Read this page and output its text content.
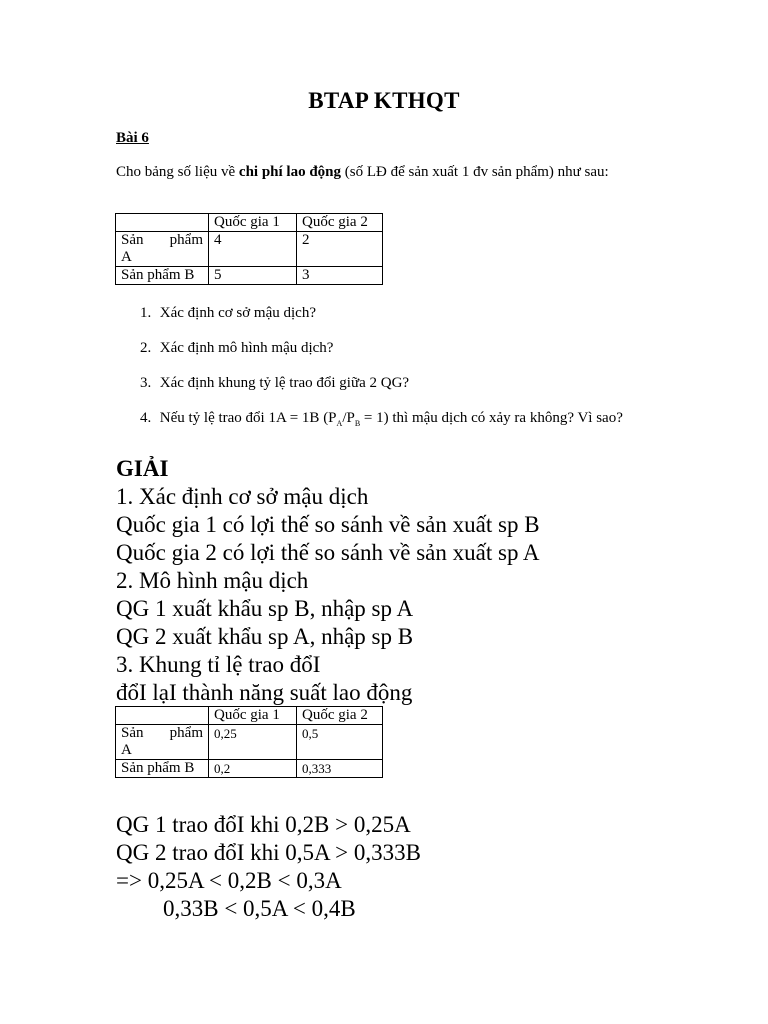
BTAP KTHQT
Bài 6
Cho bảng số liệu về chi phí lao động (số LĐ để sản xuất 1 đv sản phẩm) như sau:
	Quốc gia 1	Quốc gia 2

Sản phẩm
A	4	2
Sản phẩm B	5	3
1. Xác định cơ sở mậu dịch?
2. Xác định mô hình mậu dịch?
3. Xác định khung tỷ lệ trao đổi giữa 2 QG?
4. Nếu tỷ lệ trao đổi 1A = 1B $(P_A/P_B = 1)$ thì mậu dịch có xảy ra không? Vì sao?
GIẢI
1. Xác định cơ sở mậu dịch
Quốc gia 1 có lợi thế so sánh về sản xuất sp B
Quốc gia 2 có lợi thế so sánh về sản xuất sp A
2. Mô hình mậu dịch
QG 1 xuất khẩu sp B, nhập sp A
QG 2 xuất khẩu sp A, nhập sp B
3. Khung tỉ lệ trao đổI
đổI lạI thành năng suất lao động
	Quốc gia 1	Quốc gia 2

Sản phẩm
A	0,25	0,5
Sản phẩm B	0,2	0,333
QG 1 trao đổI khi 0,2B > 0,25A
QG 2 trao đổI khi 0,5A > 0,333B
=> 0,25A < 0,2B < 0,3A
0,33B < 0,5A < 0,4B
